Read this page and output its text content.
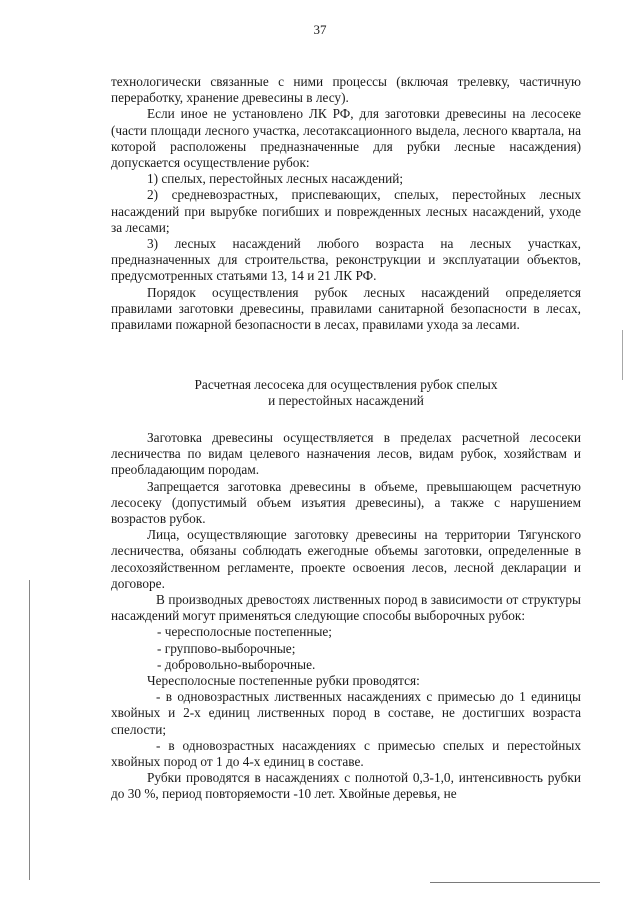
37

технологически связанные с ними процессы (включая трелевку, частичную переработку, хранение древесины в лесу).

Если иное не установлено ЛК РФ, для заготовки древесины на лесосеке (части площади лесного участка, лесотаксационного выдела, лесного квартала, на которой расположены предназначенные для рубки лесные насаждения) допускается осуществление рубок:

1) спелых, перестойных лесных насаждений;

2) средневозрастных, приспевающих, спелых, перестойных лесных насаждений при вырубке погибших и поврежденных лесных насаждений, уходе за лесами;

3) лесных насаждений любого возраста на лесных участках, предназначенных для строительства, реконструкции и эксплуатации объектов, предусмотренных статьями 13, 14 и 21 ЛК РФ.

Порядок осуществления рубок лесных насаждений определяется правилами заготовки древесины, правилами санитарной безопасности в лесах, правилами пожарной безопасности в лесах, правилами ухода за лесами.

Расчетная лесосека для осуществления рубок спелых
и перестойных насаждений

Заготовка древесины осуществляется в пределах расчетной лесосеки лесничества по видам целевого назначения лесов, видам рубок, хозяйствам и преобладающим породам.

Запрещается заготовка древесины в объеме, превышающем расчетную лесосеку (допустимый объем изъятия древесины), а также с нарушением возрастов рубок.

Лица, осуществляющие заготовку древесины на территории Тягунского лесничества, обязаны соблюдать ежегодные объемы заготовки, определенные в лесохозяйственном регламенте, проекте освоения лесов, лесной декларации и договоре.

В производных древостоях лиственных пород в зависимости от структуры насаждений могут применяться следующие способы выборочных рубок:

- чересполосные постепенные;

- группово-выборочные;

- добровольно-выборочные.

Чересполосные постепенные рубки проводятся:

- в одновозрастных лиственных насаждениях с примесью до 1 единицы хвойных и 2-х единиц лиственных пород в составе, не достигших возраста спелости;

- в одновозрастных насаждениях с примесью спелых и перестойных хвойных пород от 1 до 4-х единиц в составе.

Рубки проводятся в насаждениях с полнотой 0,3-1,0, интенсивность рубки до 30 %, период повторяемости -10 лет. Хвойные деревья, не
